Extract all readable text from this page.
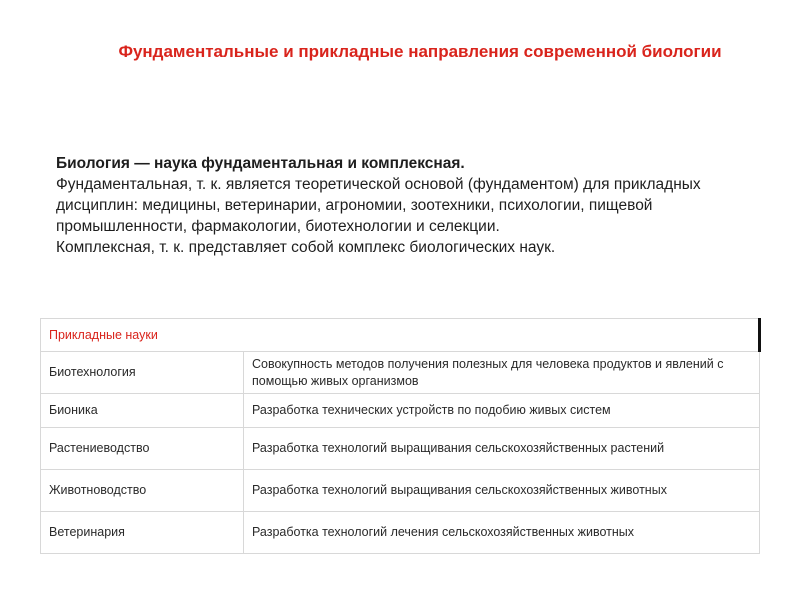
Фундаментальные и прикладные направления современной биологии

Биология — наука фундаментальная и комплексная.

Фундаментальная, т. к. является теоретической основой (фундаментом) для прикладных дисциплин: медицины, ветеринарии, агрономии, зоотехники, психологии, пищевой промышленности, фармакологии, биотехнологии и селекции.

Комплексная, т. к. представляет собой комплекс биологических наук.

Прикладные науки	
Биотехнология	Совокупность методов получения полезных для человека продуктов и явлений с помощью живых организмов
Бионика	Разработка технических устройств по подобию живых систем
Растениеводство	Разработка технологий выращивания сельскохозяйственных растений
Животноводство	Разработка технологий выращивания сельскохозяйственных животных
Ветеринария	Разработка технологий лечения сельскохозяйственных животных
